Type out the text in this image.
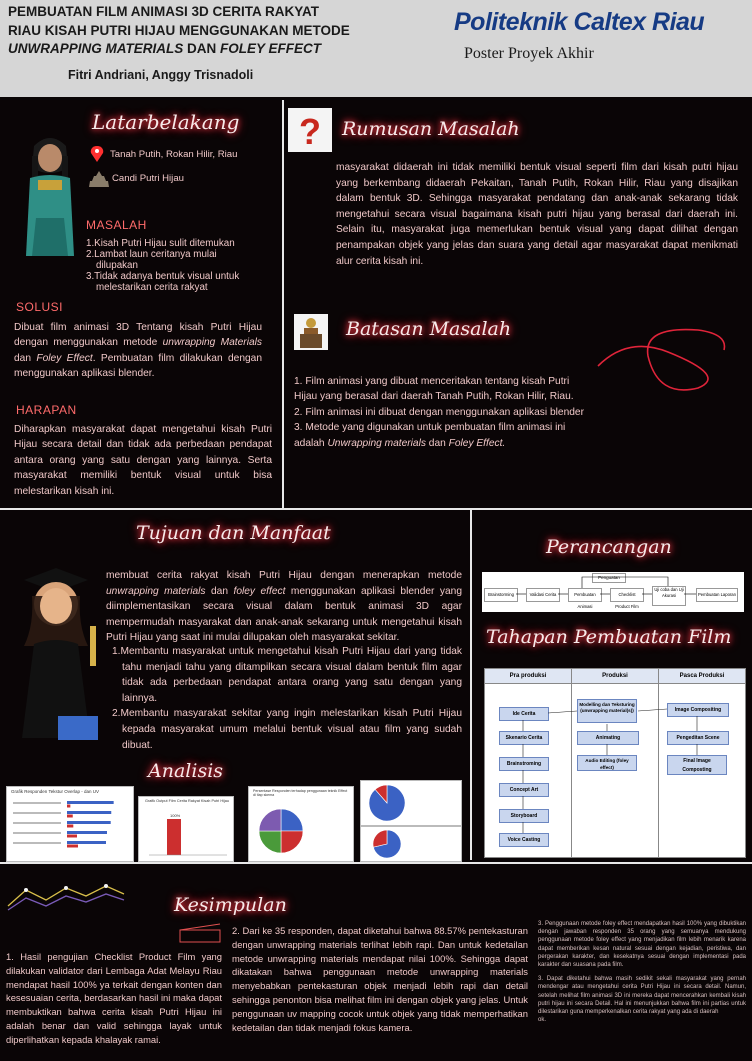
PEMBUATAN FILM ANIMASI 3D CERITA RAKYAT
RIAU KISAH PUTRI HIJAU MENGGUNAKAN METODE
UNWRAPPING MATERIALS DAN FOLEY EFFECT
Fitri Andriani, Anggy Trisnadoli
Politeknik Caltex Riau
Poster Proyek Akhir
Latarbelakang
Tanah Putih, Rokan Hilir, Riau
Candi Putri Hijau
MASALAH
1.Kisah Putri Hijau sulit ditemukan
2.Lambat laun ceritanya mulai
dilupakan
3.Tidak adanya bentuk visual untuk
melestarikan cerita rakyat
SOLUSI
Dibuat film animasi 3D Tentang kisah Putri Hijau dengan menggunakan metode unwrapping Materials dan Foley Effect. Pembuatan film dilakukan dengan menggunakan aplikasi blender.
HARAPAN
Diharapkan masyarakat dapat mengetahui kisah Putri Hijau secara detail dan tidak ada perbedaan pendapat antara orang yang satu dengan yang lainnya. Serta masyarakat memiliki bentuk visual untuk bisa melestarikan kisah ini.
? Rumusan Masalah
masyarakat didaerah ini tidak memiliki bentuk visual seperti film dari kisah putri hijau yang berkembang didaerah Pekaitan, Tanah Putih, Rokan Hilir, Riau yang disajikan dalam bentuk 3D. Sehingga masyarakat pendatang dan anak-anak sekarang tidak mengetahui secara visual bagaimana kisah putri hijau yang berasal dari daerah ini. Selain itu, masyarakat juga memerlukan bentuk visual yang dapat dilihat dengan penampakan objek yang jelas dan suara yang detail agar masyarakat dapat menikmati alur cerita kisah ini.
Batasan Masalah
1. Film animasi yang dibuat menceritakan tentang kisah Putri Hijau yang berasal dari daerah Tanah Putih, Rokan Hilir, Riau.
2. Film animasi ini dibuat dengan menggunakan aplikasi blender
3. Metode yang digunakan untuk pembuatan film animasi ini adalah Unwrapping materials dan Foley Effect.
Tujuan dan Manfaat
membuat cerita rakyat kisah Putri Hijau dengan menerapkan metode unwrapping materials dan foley effect menggunakan aplikasi blender yang diimplementasikan secara visual dalam bentuk animasi 3D agar mempermudah masyarakat dan anak-anak sekarang untuk mengetahui kisah Putri Hijau yang saat ini mulai dilupakan oleh masyarakat sekitar.
1.Membantu masyarakat untuk mengetahui kisah Putri Hijau dari yang tidak tahu menjadi tahu yang ditampilkan secara visual dalam bentuk film agar tidak ada perbedaan pendapat antara orang yang satu dengan yang lainnya.
2.Membantu masyarakat sekitar yang ingin melestarikan kisah Putri Hijau kepada masyarakat umum melalui bentuk visual atau film yang sudah dibuat.
Perancangan
Penguatan
Brainstorming	Validasi Cerita	Pembuatan Animasi
Checklist Product Film
Uji coba dan Uji Akurasi	Pembuatan Laporan
Tahapan Pembuatan Film
Pra produksi	Produksi	Pasca Produksi
Ide Cerita
Skenario Cerita
Brainstroming
Concept Art
Storyboard
Voice Casting
Modelling dan Teksturing (unwrapping material(s))
Animating
Audio Editing (foley effect)
Image Compositing
Pengeditan Scene
Final Image Composting
Analisis
Grafik Responden Tekstur Overlap - dan UV
Grafik Output Film Cerita Rakyat Kisah Putri Hijau
100%
Persentase Responden terhadap penggunaan teknik Effect di tiap skema
Kesimpulan
1. Hasil pengujian Checklist Product Film yang dilakukan validator dari Lembaga Adat Melayu Riau mendapat hasil 100% ya terkait dengan konten dan kesesuaian cerita, berdasarkan hasil ini maka dapat membuktikan bahwa cerita kisah Putri Hijau ini adalah benar dan valid sehingga layak untuk diperlihatkan kepada khalayak ramai.
2. Dari ke 35 responden, dapat diketahui bahwa 88.57% pentekasturan dengan unwrapping materials terlihat lebih rapi. Dan untuk kedetailan metode unwrapping materials mendapat nilai 100%. Sehingga dapat dikatakan bahwa penggunaan metode unwrapping materials menyebabkan pentekasturan objek menjadi lebih rapi dan detail sehingga penonton bisa melihat film ini dengan objek yang jelas. Untuk penggunaan uv mapping cocok untuk objek yang tidak memperhatikan kedetailan dan tidak menjadi fokus kamera.
3. Penggunaan metode foley effect mendapatkan hasil 100% yang dibuktikan dengan jawaban responden 35 orang yang semuanya mendukung penggunaan metode foley effect yang menjadikan film lebih menarik karena dapat memberikan kesan natural sesuai dengan kejadian, peristiwa, dan pergerakan karakter, dan kesekatnya sesuai dengan implementasi pada karakter dan suasana pada film.
3. Dapat diketahui bahwa masih sedikit sekali masyarakat yang pernah mendengar atau mengetahui cerita Putri Hijau ini secara detail. Namun, setelah melihat film animasi 3D ini mereka dapat mencerahkan kembali kisah putri hijau ini secara Detail. Hal ini menunjukkan bahwa film ini partias untuk dilestarikan guna memperkenalkan cerita rakyat yang ada di daerah
ok.
